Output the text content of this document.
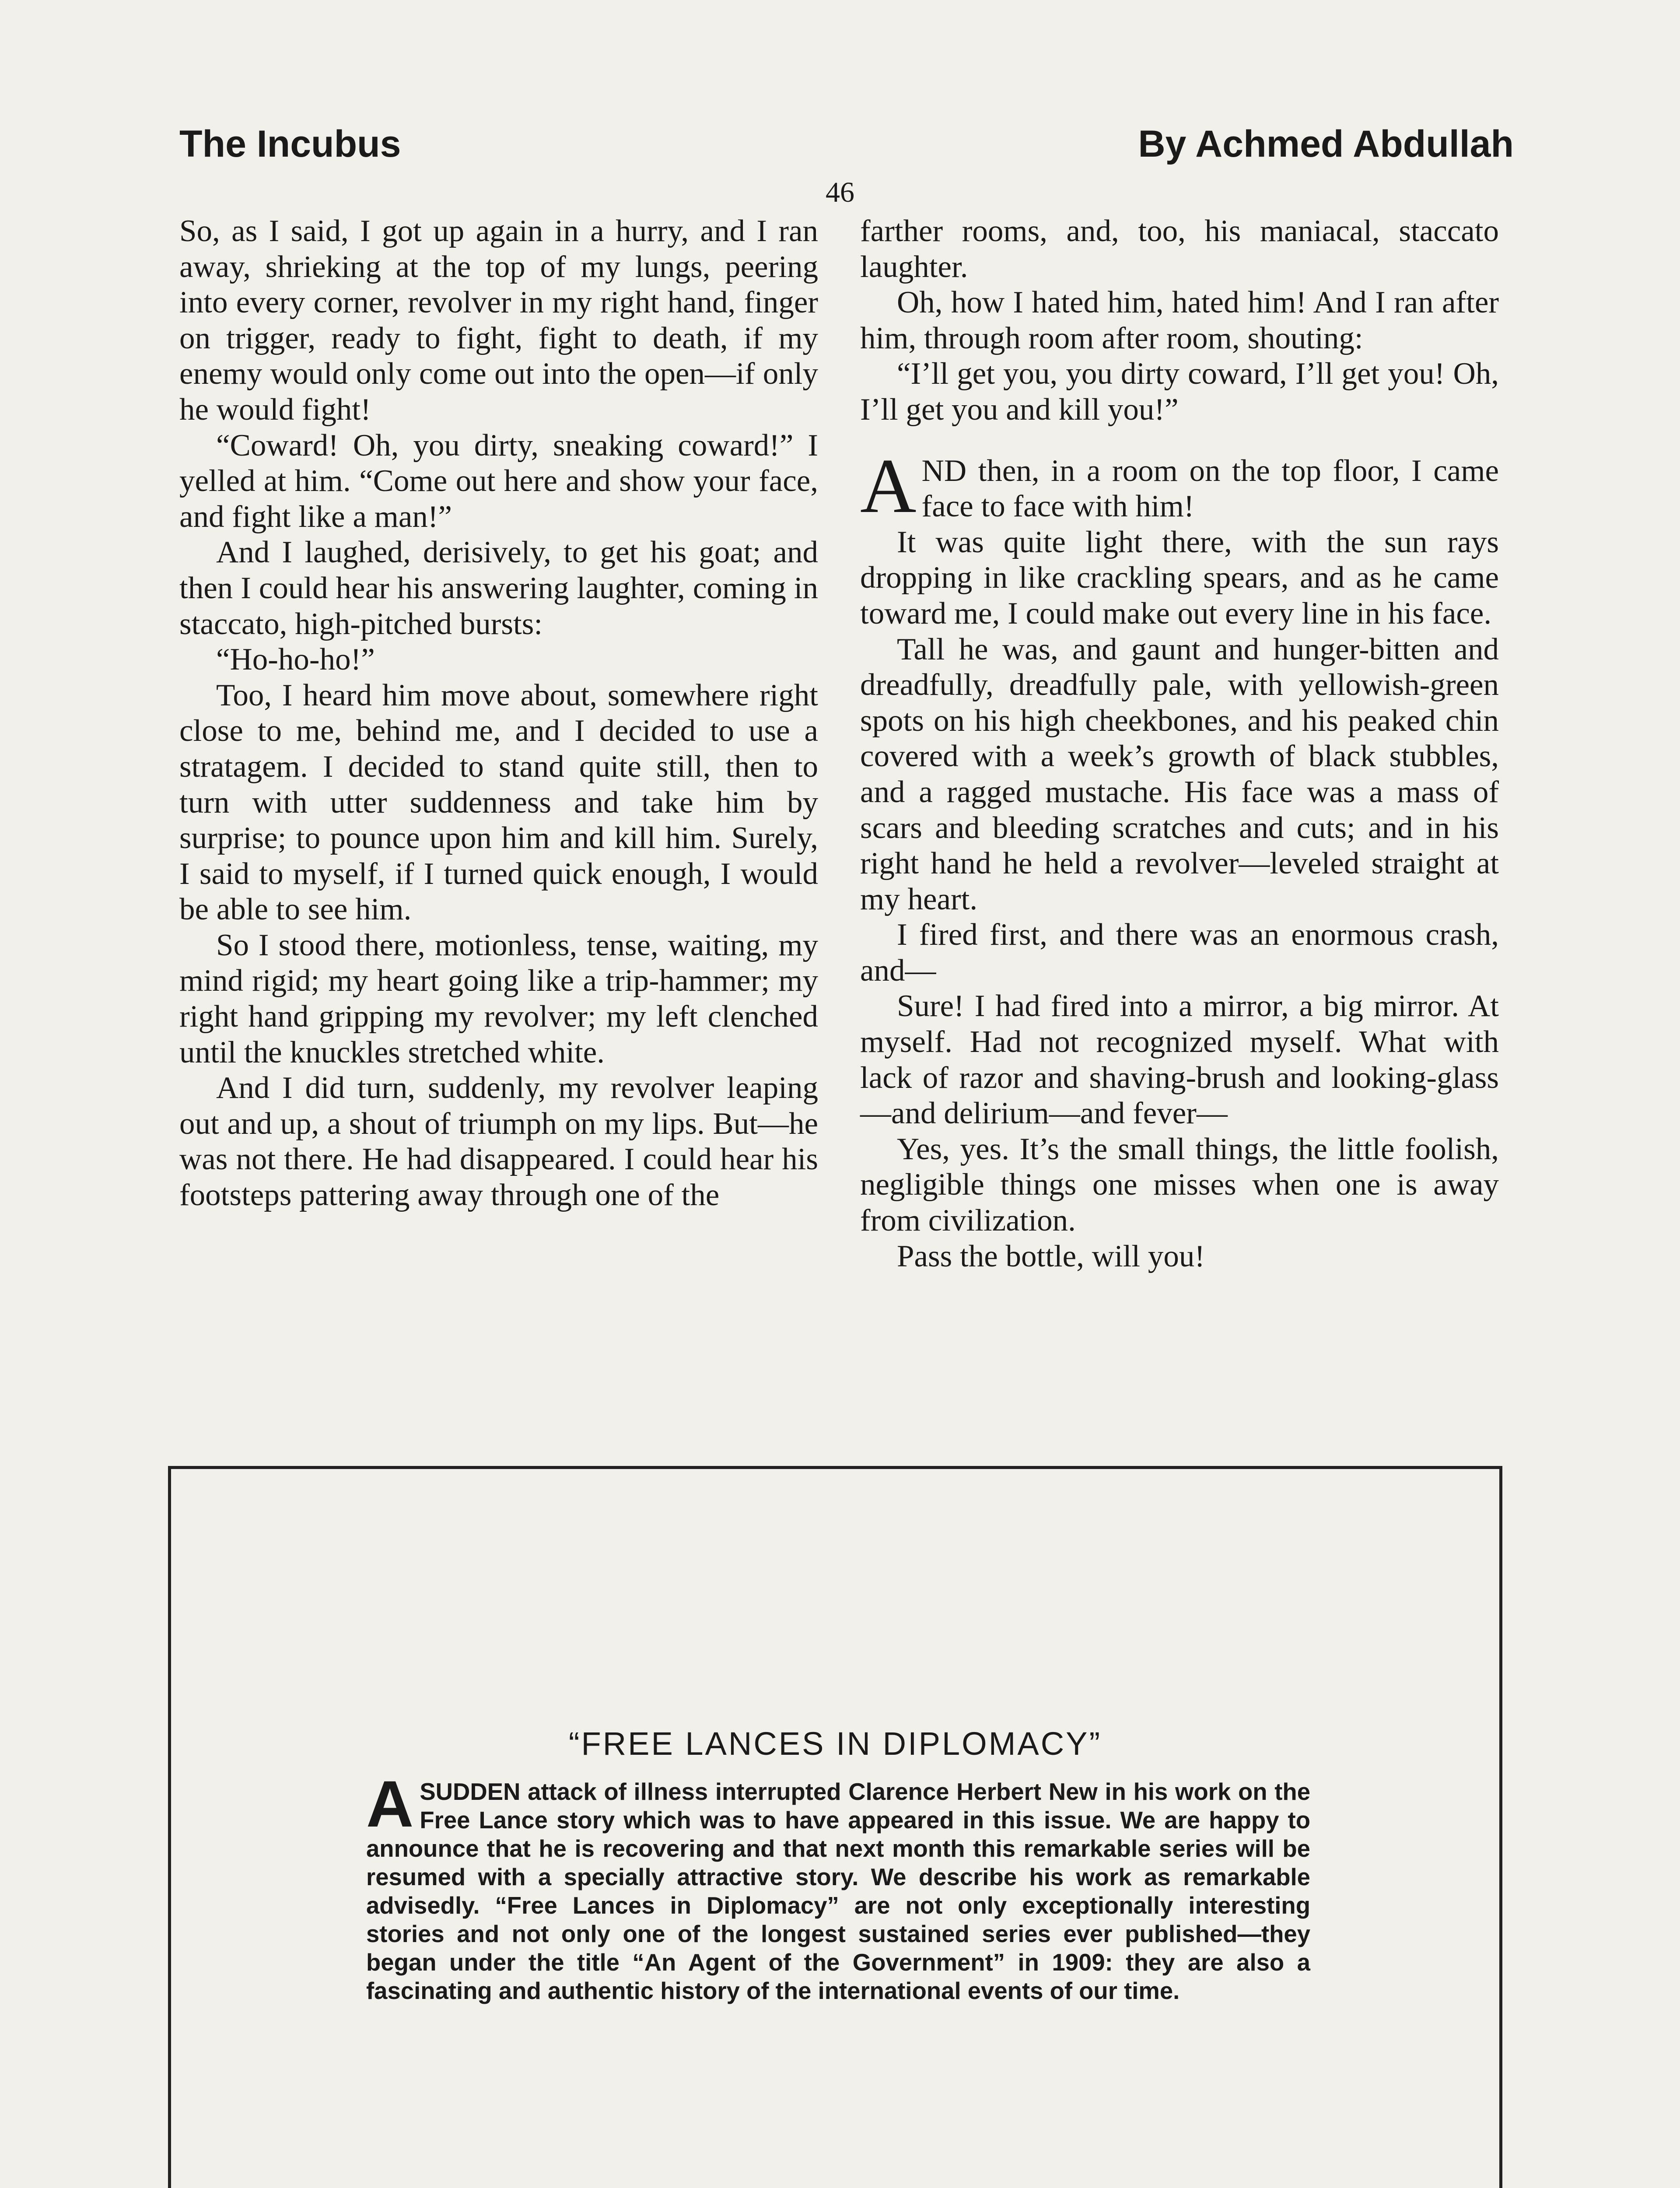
The Incubus	By Achmed Abdullah
46

So, as I said, I got up again in a hurry, and I ran away, shrieking at the top of my lungs, peering into every corner, revolver in my right hand, finger on trigger, ready to fight, fight to death, if my enemy would only come out into the open—if only he would fight!

“Coward! Oh, you dirty, sneaking coward!” I yelled at him. “Come out here and show your face, and fight like a man!”

And I laughed, derisively, to get his goat; and then I could hear his answering laughter, coming in staccato, high-pitched bursts:

“Ho-ho-ho!”

Too, I heard him move about, somewhere right close to me, behind me, and I decided to use a stratagem. I decided to stand quite still, then to turn with utter suddenness and take him by surprise; to pounce upon him and kill him. Surely, I said to myself, if I turned quick enough, I would be able to see him.

So I stood there, motionless, tense, waiting, my mind rigid; my heart going like a trip-hammer; my right hand gripping my revolver; my left clenched until the knuckles stretched white.

And I did turn, suddenly, my revolver leaping out and up, a shout of triumph on my lips. But—he was not there. He had disappeared. I could hear his footsteps pattering away through one of the

farther rooms, and, too, his maniacal, staccato laughter.

Oh, how I hated him, hated him! And I ran after him, through room after room, shouting:

“I’ll get you, you dirty coward, I’ll get you! Oh, I’ll get you and kill you!”

AND then, in a room on the top floor, I came face to face with him!

It was quite light there, with the sun rays dropping in like crackling spears, and as he came toward me, I could make out every line in his face.

Tall he was, and gaunt and hunger-bitten and dreadfully, dreadfully pale, with yellowish-green spots on his high cheekbones, and his peaked chin covered with a week’s growth of black stubbles, and a ragged mustache. His face was a mass of scars and bleeding scratches and cuts; and in his right hand he held a revolver—leveled straight at my heart.

I fired first, and there was an enormous crash, and—

Sure! I had fired into a mirror, a big mirror. At myself. Had not recognized myself. What with lack of razor and shaving-brush and looking-glass—and delirium—and fever—

Yes, yes. It’s the small things, the little foolish, negligible things one misses when one is away from civilization.

Pass the bottle, will you!

“FREE LANCES IN DIPLOMACY”
ASUDDEN attack of illness interrupted Clarence Herbert New in his work on the Free Lance story which was to have appeared in this issue. We are happy to announce that he is recovering and that next month this remarkable series will be resumed with a specially attractive story. We describe his work as remarkable advisedly. “Free Lances in Diplomacy” are not only exceptionally interesting stories and not only one of the longest sustained series ever published—they began under the title “An Agent of the Government” in 1909: they are also a fascinating and authentic history of the international events of our time.
